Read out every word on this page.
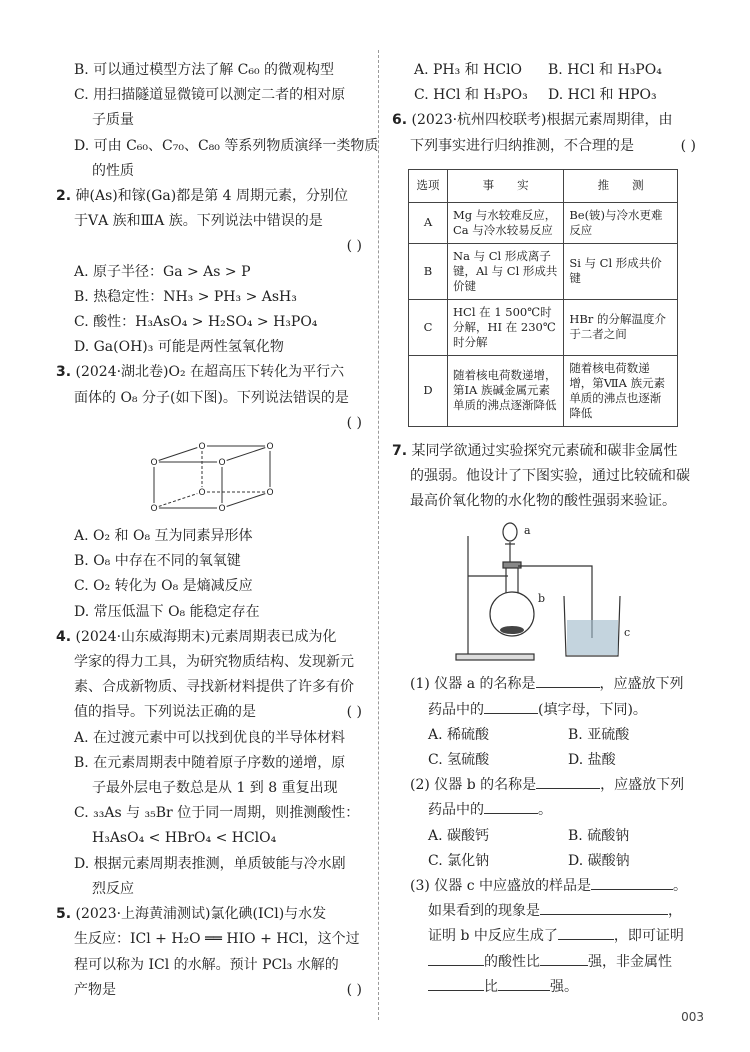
B. 可以通过模型方法了解 C₆₀ 的微观构型
C. 用扫描隧道显微镜可以测定二者的相对原
子质量
D. 可由 C₆₀、C₇₀、C₈₀ 等系列物质演绎一类物质
的性质
2. 砷(As)和镓(Ga)都是第 4 周期元素，分别位
于ⅤA 族和ⅢA 族。下列说法中错误的是
( )
A. 原子半径：Ga > As > P
B. 热稳定性：NH₃ > PH₃ > AsH₃
C. 酸性：H₃AsO₄ > H₂SO₄ > H₃PO₄
D. Ga(OH)₃ 可能是两性氢氧化物
3. (2024·湖北卷)O₂ 在超高压下转化为平行六
面体的 O₈ 分子(如下图)。下列说法错误的是
( )
O	O
O	O
O	O
O	O
A. O₂ 和 O₈ 互为同素异形体
B. O₈ 中存在不同的氧氧键
C. O₂ 转化为 O₈ 是熵减反应
D. 常压低温下 O₈ 能稳定存在
4. (2024·山东威海期末)元素周期表已成为化
学家的得力工具，为研究物质结构、发现新元
素、合成新物质、寻找新材料提供了许多有价
值的指导。下列说法正确的是	( )
A. 在过渡元素中可以找到优良的半导体材料
B. 在元素周期表中随着原子序数的递增，原
子最外层电子数总是从 1 到 8 重复出现
C. ₃₃As 与 ₃₅Br 位于同一周期，则推测酸性：
H₃AsO₄ < HBrO₄ < HClO₄
D. 根据元素周期表推测，单质铍能与冷水剧
烈反应
5. (2023·上海黄浦测试)氯化碘(ICl)与水发
生反应：ICl + H₂O ══ HIO + HCl，这个过
程可以称为 ICl 的水解。预计 PCl₃ 水解的
产物是	( )
A. PH₃ 和 HClO B. HCl 和 H₃PO₄
C. HCl 和 H₃PO₃ D. HCl 和 HPO₃
6. (2023·杭州四校联考)根据元素周期律，由
下列事实进行归纳推测，不合理的是	( )
选项	事　　实	推　　测
A	Mg 与水较难反应，Ca 与冷水较易反应	Be(铍)与冷水更难反应
B	Na 与 Cl 形成离子键，Al 与 Cl 形成共价键	Si 与 Cl 形成共价键
C	HCl 在 1 500℃时分解，HI 在 230℃时分解	HBr 的分解温度介于二者之间
D	随着核电荷数递增，第ⅠA 族碱金属元素单质的沸点逐渐降低	随着核电荷数递增，第ⅦA 族元素单质的沸点也逐渐降低
7. 某同学欲通过实验探究元素硫和碳非金属性
的强弱。他设计了下图实验，通过比较硫和碳
最高价氧化物的水化物的酸性强弱来验证。
a
b
c
(1) 仪器 a 的名称是	，应盛放下列
药品中的	(填字母，下同)。
A. 稀硫酸	B. 亚硫酸
C. 氢硫酸	D. 盐酸
(2) 仪器 b 的名称是	，应盛放下列
药品中的	。
A. 碳酸钙	B. 硫酸钠
C. 氯化钠	D. 碳酸钠
(3) 仪器 c 中应盛放的样品是	。
如果看到的现象是	，
证明 b 中反应生成了	，即可证明
的酸性比	强，非金属性
比	强。
003
